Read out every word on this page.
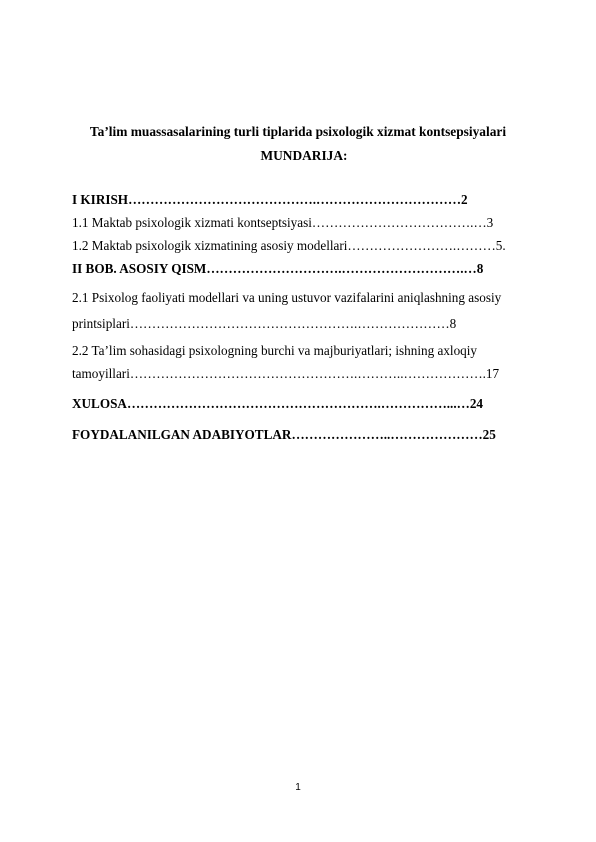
Ta’lim muassasalarining turli tiplarida psixologik xizmat kontsepsiyalari
MUNDARIJA:
I KIRISH…………………………………….……………………………2
1.1 Maktab psixologik xizmati kontseptsiyasi……………………………….…3
1.2 Maktab psixologik xizmatining asosiy modellari…………………….………5.
II BOB. ASOSIY QISM………………………….……………………….…8
2.1 Psixolog faoliyati modellari va uning ustuvor vazifalarini aniqlashning asosiy
printsiplari…………………………………………….…………………8
2.2 Ta’lim sohasidagi psixologning burchi va majburiyatlari; ishning axloqiy
tamoyillari…………………………………………….………..……………….17
XULOSA………………………………………………….……………...…24
FOYDALANILGAN ADABIYOTLAR…………………..…………………25
1
